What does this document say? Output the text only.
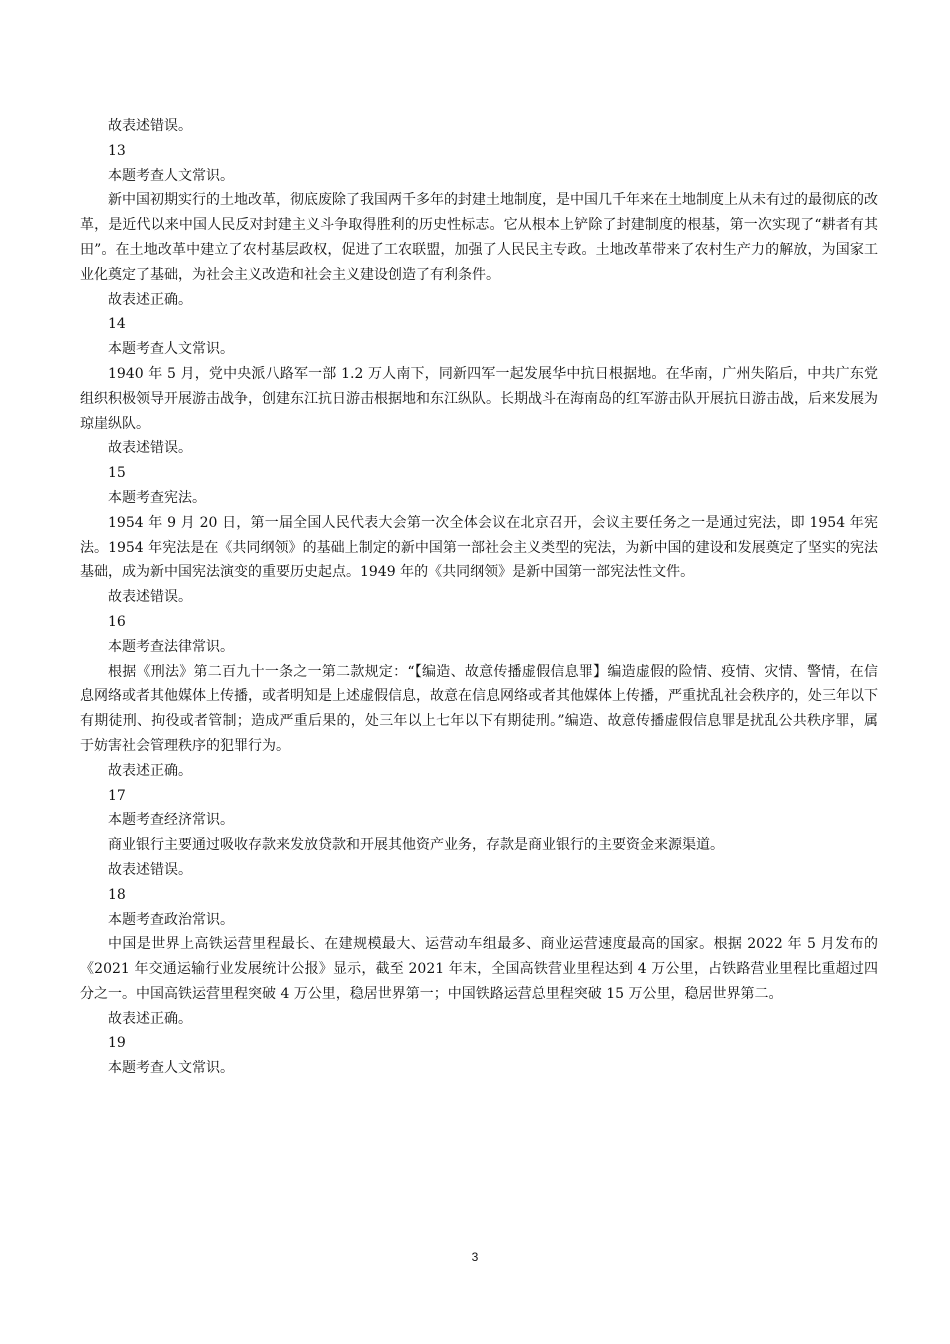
故表述错误。

13

本题考查人文常识。

新中国初期实行的土地改革，彻底废除了我国两千多年的封建土地制度，是中国几千年来在土地制度上从未有过的最彻底的改革，是近代以来中国人民反对封建主义斗争取得胜利的历史性标志。它从根本上铲除了封建制度的根基，第一次实现了“耕者有其田”。在土地改革中建立了农村基层政权，促进了工农联盟，加强了人民民主专政。土地改革带来了农村生产力的解放，为国家工业化奠定了基础，为社会主义改造和社会主义建设创造了有利条件。

故表述正确。

14

本题考查人文常识。

1940 年 5 月，党中央派八路军一部 1.2 万人南下，同新四军一起发展华中抗日根据地。在华南，广州失陷后，中共广东党组织积极领导开展游击战争，创建东江抗日游击根据地和东江纵队。长期战斗在海南岛的红军游击队开展抗日游击战，后来发展为琼崖纵队。

故表述错误。

15

本题考查宪法。

1954 年 9 月 20 日，第一届全国人民代表大会第一次全体会议在北京召开，会议主要任务之一是通过宪法，即 1954 年宪法。1954 年宪法是在《共同纲领》的基础上制定的新中国第一部社会主义类型的宪法，为新中国的建设和发展奠定了坚实的宪法基础，成为新中国宪法演变的重要历史起点。1949 年的《共同纲领》是新中国第一部宪法性文件。

故表述错误。

16

本题考查法律常识。

根据《刑法》第二百九十一条之一第二款规定：“【编造、故意传播虚假信息罪】编造虚假的险情、疫情、灾情、警情，在信息网络或者其他媒体上传播，或者明知是上述虚假信息，故意在信息网络或者其他媒体上传播，严重扰乱社会秩序的，处三年以下有期徒刑、拘役或者管制；造成严重后果的，处三年以上七年以下有期徒刑。”编造、故意传播虚假信息罪是扰乱公共秩序罪，属于妨害社会管理秩序的犯罪行为。

故表述正确。

17

本题考查经济常识。

商业银行主要通过吸收存款来发放贷款和开展其他资产业务，存款是商业银行的主要资金来源渠道。

故表述错误。

18

本题考查政治常识。

中国是世界上高铁运营里程最长、在建规模最大、运营动车组最多、商业运营速度最高的国家。根据 2022 年 5 月发布的《2021 年交通运输行业发展统计公报》显示，截至 2021 年末，全国高铁营业里程达到 4 万公里，占铁路营业里程比重超过四分之一。中国高铁运营里程突破 4 万公里，稳居世界第一；中国铁路运营总里程突破 15 万公里，稳居世界第二。

故表述正确。

19

本题考查人文常识。

3
